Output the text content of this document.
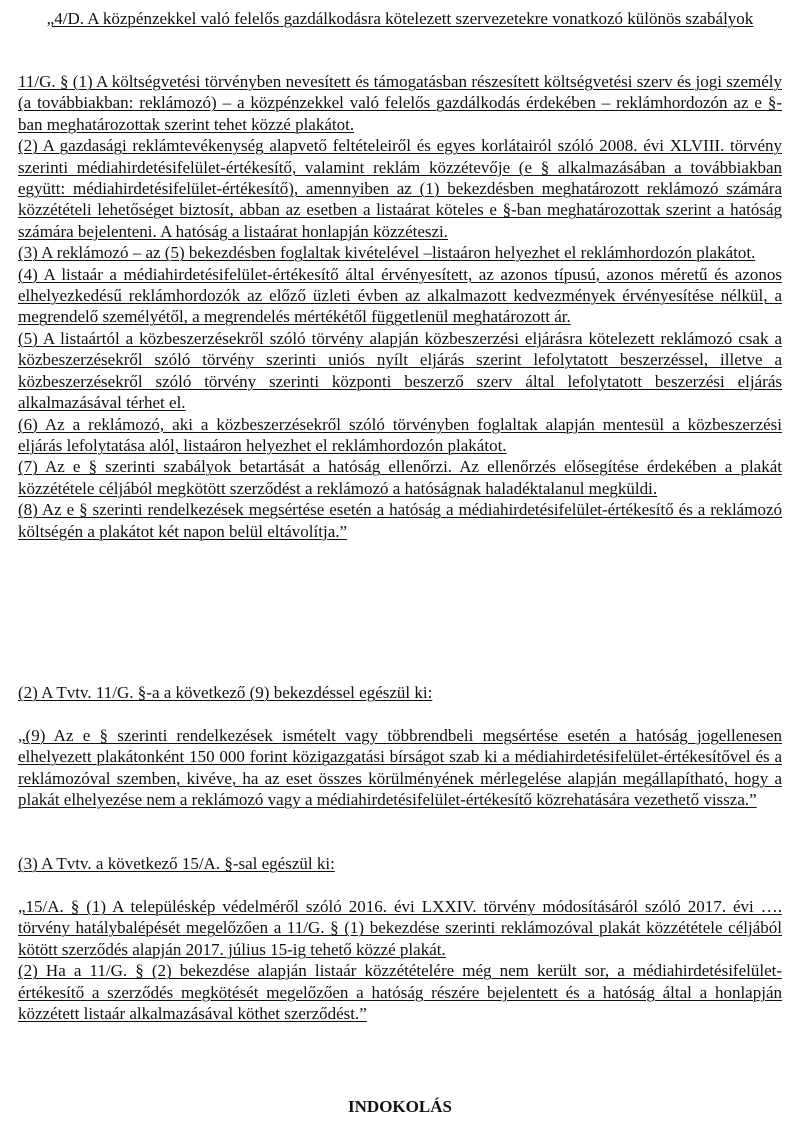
„4/D. A közpénzekkel való felelős gazdálkodásra kötelezett szervezetekre vonatkozó különös szabályok

11/G. § (1) A költségvetési törvényben nevesített és támogatásban részesített költségvetési szerv és jogi személy (a továbbiakban: reklámozó) – a közpénzekkel való felelős gazdálkodás érdekében – reklámhordozón az e §-ban meghatározottak szerint tehet közzé plakátot.

(2) A gazdasági reklámtevékenység alapvető feltételeiről és egyes korlátairól szóló 2008. évi XLVIII. törvény szerinti médiahirdetésifelület-értékesítő, valamint reklám közzétevője (e § alkalmazásában a továbbiakban együtt: médiahirdetésifelület-értékesítő), amennyiben az (1) bekezdésben meghatározott reklámozó számára közzétételi lehetőséget biztosít, abban az esetben a listaárat köteles e §-ban meghatározottak szerint a hatóság számára bejelenteni. A hatóság a listaárat honlapján közzéteszi.

(3) A reklámozó – az (5) bekezdésben foglaltak kivételével –listaáron helyezhet el reklámhordozón plakátot.

(4) A listaár a médiahirdetésifelület-értékesítő által érvényesített, az azonos típusú, azonos méretű és azonos elhelyezkedésű reklámhordozók az előző üzleti évben az alkalmazott kedvezmények érvényesítése nélkül, a megrendelő személyétől, a megrendelés mértékétől függetlenül meghatározott ár.

(5) A listaártól a közbeszerzésekről szóló törvény alapján közbeszerzési eljárásra kötelezett reklámozó csak a közbeszerzésekről szóló törvény szerinti uniós nyílt eljárás szerint lefolytatott beszerzéssel, illetve a közbeszerzésekről szóló törvény szerinti központi beszerző szerv által lefolytatott beszerzési eljárás alkalmazásával térhet el.

(6) Az a reklámozó, aki a közbeszerzésekről szóló törvényben foglaltak alapján mentesül a közbeszerzési eljárás lefolytatása alól, listaáron helyezhet el reklámhordozón plakátot.

(7) Az e § szerinti szabályok betartását a hatóság ellenőrzi. Az ellenőrzés elősegítése érdekében a plakát közzététele céljából megkötött szerződést a reklámozó a hatóságnak haladéktalanul megküldi.

(8) Az e § szerinti rendelkezések megsértése esetén a hatóság a médiahirdetésifelület-értékesítő és a reklámozó költségén a plakátot két napon belül eltávolítja.”

(2) A Tvtv. 11/G. §-a a következő (9) bekezdéssel egészül ki:

„(9) Az e § szerinti rendelkezések ismételt vagy többrendbeli megsértése esetén a hatóság jogellenesen elhelyezett plakátonként 150 000 forint közigazgatási bírságot szab ki a médiahirdetésifelület-értékesítővel és a reklámozóval szemben, kivéve, ha az eset összes körülményének mérlegelése alapján megállapítható, hogy a plakát elhelyezése nem a reklámozó vagy a médiahirdetésifelület-értékesítő közrehatására vezethető vissza.”

(3) A Tvtv. a következő 15/A. §-sal egészül ki:

„15/A. § (1) A településkép védelméről szóló 2016. évi LXXIV. törvény módosításáról szóló 2017. évi …. törvény hatálybalépését megelőzően a 11/G. § (1) bekezdése szerinti reklámozóval plakát közzététele céljából kötött szerződés alapján 2017. július 15-ig tehető közzé plakát.

(2) Ha a 11/G. § (2) bekezdése alapján listaár közzétételére még nem került sor, a médiahirdetésifelület-értékesítő a szerződés megkötését megelőzően a hatóság részére bejelentett és a hatóság által a honlapján közzétett listaár alkalmazásával köthet szerződést.”

INDOKOLÁS
